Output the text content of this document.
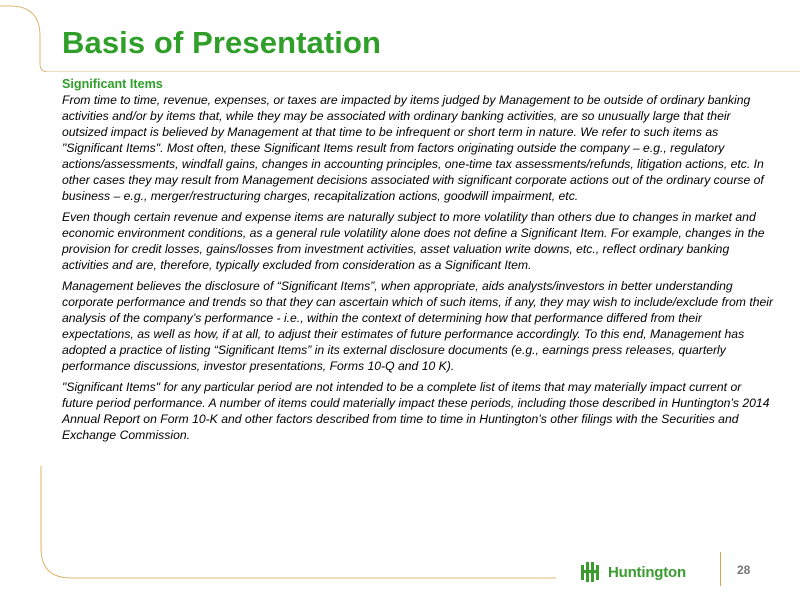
Basis of Presentation

Significant Items

From time to time, revenue, expenses, or taxes are impacted by items judged by Management to be outside of ordinary banking activities and/or by items that, while they may be associated with ordinary banking activities, are so unusually large that their outsized impact is believed by Management at that time to be infrequent or short term in nature. We refer to such items as "Significant Items". Most often, these Significant Items result from factors originating outside the company – e.g., regulatory actions/assessments, windfall gains, changes in accounting principles, one-time tax assessments/refunds, litigation actions, etc. In other cases they may result from Management decisions associated with significant corporate actions out of the ordinary course of business – e.g., merger/restructuring charges, recapitalization actions, goodwill impairment, etc.

Even though certain revenue and expense items are naturally subject to more volatility than others due to changes in market and economic environment conditions, as a general rule volatility alone does not define a Significant Item. For example, changes in the provision for credit losses, gains/losses from investment activities, asset valuation write downs, etc., reflect ordinary banking activities and are, therefore, typically excluded from consideration as a Significant Item.

Management believes the disclosure of “Significant Items”, when appropriate, aids analysts/investors in better understanding corporate performance and trends so that they can ascertain which of such items, if any, they may wish to include/exclude from their analysis of the company’s performance - i.e., within the context of determining how that performance differed from their expectations, as well as how, if at all, to adjust their estimates of future performance accordingly. To this end, Management has adopted a practice of listing “Significant Items” in its external disclosure documents (e.g., earnings press releases, quarterly performance discussions, investor presentations, Forms 10-Q and 10 K).

"Significant Items" for any particular period are not intended to be a complete list of items that may materially impact current or future period performance. A number of items could materially impact these periods, including those described in Huntington’s 2014 Annual Report on Form 10-K and other factors described from time to time in Huntington’s other filings with the Securities and Exchange Commission.

Huntington	28
